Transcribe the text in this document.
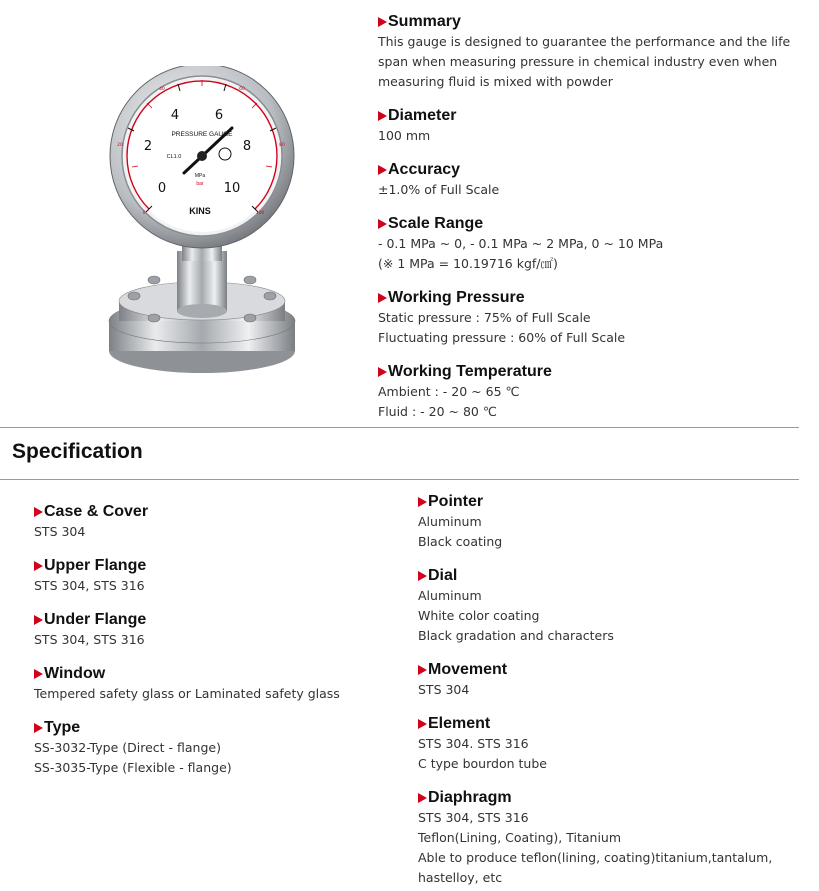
0
2
4	6
8
10
0
20
40	60
80
100
PRESSURE GAUGE
CL1.0
MPa
bar
KINS
Summary
This gauge is designed to guarantee the performance and the life
span when measuring pressure in chemical industry even when
measuring fluid is mixed with powder
Diameter
100 mm
Accuracy
±1.0% of Full Scale
Scale Range
- 0.1 MPa ~ 0, - 0.1 MPa ~ 2 MPa, 0 ~ 10 MPa
(※ 1 MPa = 10.19716 kgf/㎠)
Working Pressure
Static pressure : 75% of Full Scale
Fluctuating pressure : 60% of Full Scale
Working Temperature
Ambient : - 20 ~ 65 ℃
Fluid : - 20 ~ 80 ℃
Specification
Case & Cover
STS 304
Upper Flange
STS 304, STS 316
Under Flange
STS 304, STS 316
Window
Tempered safety glass or Laminated safety glass
Type
SS-3032-Type (Direct - flange)
SS-3035-Type (Flexible - flange)
Pointer
Aluminum
Black coating
Dial
Aluminum
White color coating
Black gradation and characters
Movement
STS 304
Element
STS 304. STS 316
C type bourdon tube
Diaphragm
STS 304, STS 316
Teflon(Lining, Coating), Titanium
Able to produce teflon(lining, coating)titanium,tantalum,
hastelloy, etc
